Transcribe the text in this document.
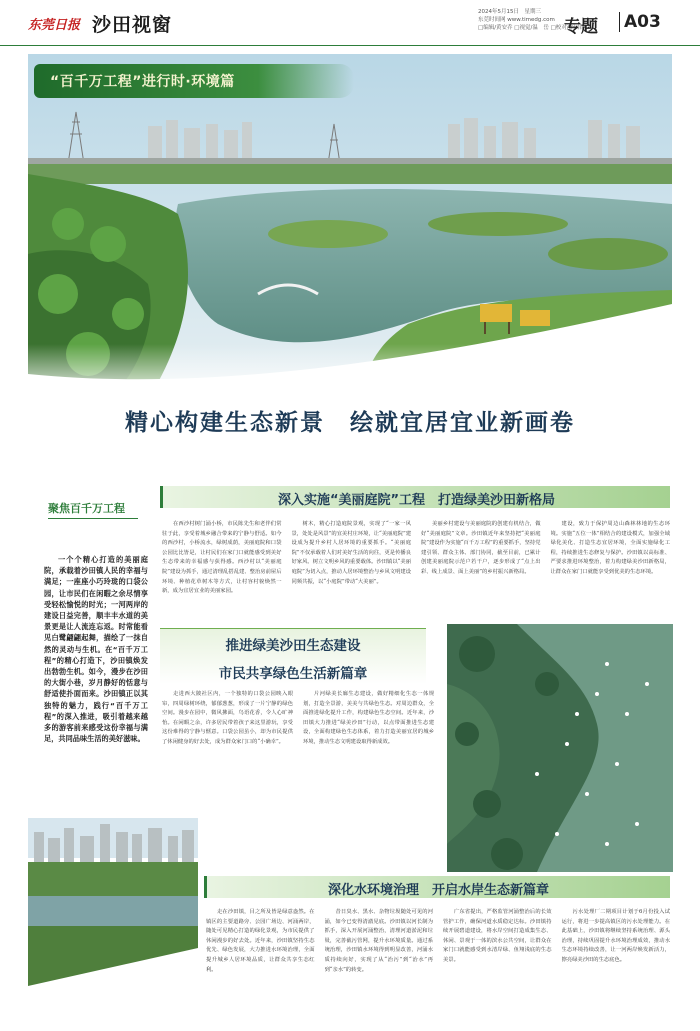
东莞日报 沙田视窗
2024年5月15日　星期三
东莞时间网 www.timedg.com
□编辑/黄安乔 □视觉/温　岳 □校对/张国锋
专题	A03
“百千万工程”进行时·环境篇
精心构建生态新景　绘就宜居宜业新画卷
聚焦百千万工程
一个个精心打造的美丽庭院，承载着沙田镇人民的幸福与满足；一座座小巧玲珑的口袋公园，让市民们在闲暇之余尽情享受轻松愉悦的时光；一河两岸的建设日益完善，顺丰丰水道的美景更是让人流连忘返。时常能看见白鹭翩翩起舞，描绘了一抹自然的灵动与生机。在“百千万工程”的精心打造下，沙田镇焕发出勃勃生机。如今，漫步在沙田的大街小巷，岁月静好的恬意与舒适使扑面而来。沙田镇正以其独特的魅力，践行“百千万工程”的深入推进，吸引着越来越多的游客前来感受这份幸福与满足，共同品味生活的美好滋味。
深入实施“美丽庭院”工程　打造绿美沙田新格局
在西沙村树门涌小桥，市民陈先生和老伴们常驻于此，享受着城乡融合带来的宁静与舒适。如今的西沙村，小桥流水，绿树成荫，美丽庭院和口袋公园比比皆是，让村民们在家门口就能感受到美好生态带来的幸福感与获得感。西沙村以“美丽庭院”建设为抓手，通过清理乱搭乱建、整治房前屋后环境、种植花草树木等方式，让村容村貌焕然一新，成为宜居宜业的美丽家园。
树木，精心打造庭院景观，实现了“一家一风景，处处是风景”的宜美村庄环境，让“美丽庭院”建设成为提升乡村人居环境的重要抓手。“美丽庭院”不仅承载着人们对美好生活的向往，更是传播良好家风、树立文明乡风的重要载体。沙田镇以“美丽庭院”为切入点，推动人居环境整治与乡风文明建设同频共振，以“小庭院”带动“大美丽”。
美丽乡村建设与美丽庭院的创建有机结合，做好“美丽庭院”文章。沙田镇近年来坚持把“美丽庭院”建设作为实施“百千万工程”的重要抓手，坚持党建引领、群众主体、部门协同，截至目前，已累计创建美丽庭院示范户若干户，逐步形成了“点上出彩、线上成景、面上美丽”的乡村振兴新格局。
建设，致力于保护周边山森林林地的生态环境。实施“五位一体”相结合的建设模式，加强全域绿化美化、打造生态宜居环境，全面实施绿化工程，持续推进生态修复与保护。沙田镇以高标准、严要求推进环境整治，着力构建绿美沙田新格局，让群众在家门口就能享受到优美的生态环境。
推进绿美沙田生态建设
市民共享绿色生活新篇章
走进西大陂社区内，一个独特的口袋公园映入眼帘，四周绿树环绕，郁郁葱葱，形成了一片宁静的绿色空间。漫步在园中，微风拂面，鸟语花香，令人心旷神怡。在闲暇之余，许多居民带着孩子来这里游玩，享受这份难得的宁静与惬意。口袋公园虽小，却为市民提供了休闲健身的好去处，成为群众家门口的“小确幸”。
片河绿美长廊生态建设，做好精细化生态一体规划，打造全景游，美美与共绿色生态。对周边群众，全面推进绿化提升工作，构建绿色生态空间。近年来，沙田镇大力推进“绿美沙田”行动，以点带面推进生态建设，全面构建绿色生态体系，着力打造美丽宜居的城乡环境，推动生态文明建设取得新成效。
深化水环境治理　开启水岸生态新篇章
走在沙田镇，目之所及皆是绿意盎然。在镇区的主要道路旁、公园广场边、河涌两岸，随处可见精心打造的绿化景观，为市民提供了休闲漫步的好去处。近年来，沙田镇坚持生态优先、绿色发展，大力推进水环境治理，全面提升城乡人居环境品质，让群众共享生态红利。
昔日臭水、黑水、杂物垃圾随处可见的河涌，如今已变得清澈见底。沙田镇以河长制为抓手，深入开展河涌整治，清理河道淤泥和垃圾，完善截污管网，提升水环境质量。通过系统治理，沙田镇水环境得到明显改善，河涌水质持续向好，实现了从“治污”到“治水”再到“亲水”的转变。
广东省提出，严格监管河涌整治后的长效管护工作，确保河道水质稳定达标。沙田镇持续开展碧道建设，将水岸空间打造成集生态、休闲、景观于一体的滨水公共空间，让群众在家门口就能感受到水清岸绿、鱼翔浅底的生态美景。
污水处理厂二期项目计划于6月份投入试运行，将进一步提高镇区的污水处理能力。在此基础上，沙田镇将继续坚持系统治理、源头治理，持续巩固提升水环境治理成效，推动水生态环境持续改善，让一河两岸焕发新活力，擦亮绿美沙田的生态底色。
